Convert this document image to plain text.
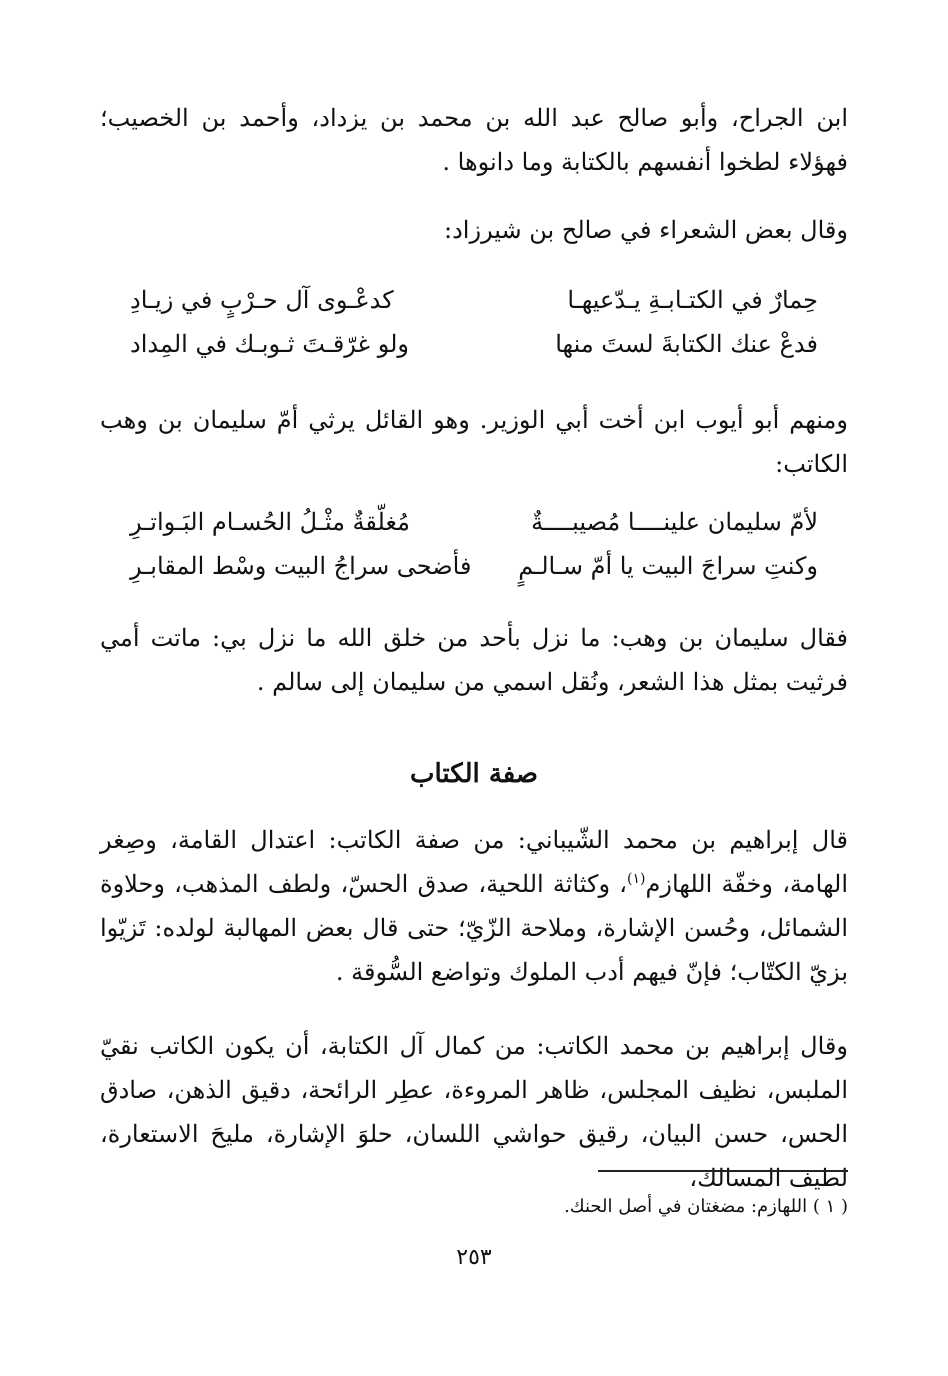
ابن الجراح، وأبو صالح عبد الله بن محمد بن يزداد، وأحمد بن الخصيب؛ فهؤلاء لطخوا أنفسهم بالكتابة وما دانوها .

وقال بعض الشعراء في صالح بن شيرزاد:

حِمارٌ في الكتـابـةِ يـدّعيهـا
كدعْـوى آل حـرْبٍ في زيـادِ
فدعْ عنك الكتابةَ لستَ منها
ولو غرّقـتَ ثـوبـك في المِداد

ومنهم أبو أيوب ابن أخت أبي الوزير. وهو القائل يرثي أمّ سليمان بن وهب الكاتب:

لأمّ سليمان علينــــا مُصيبــــةٌ
مُغلّقةٌ مثْـلُ الحُسـام البَـواتـرِ
وكنتِ سراجَ البيت يا أمّ سـالـمٍ
فأضحى سراجُ البيت وسْط المقابـرِ

فقال سليمان بن وهب: ما نزل بأحد من خلق الله ما نزل بي: ماتت أمي فرثيت بمثل هذا الشعر، ونُقل اسمي من سليمان إلى سالم .

صفة الكتاب

قال إبراهيم بن محمد الشّيباني: من صفة الكاتب: اعتدال القامة، وصِغر الهامة، وخفّة اللهازم$^{(١)}$، وكثاثة اللحية، صدق الحسّ، ولطف المذهب، وحلاوة الشمائل، وحُسن الإشارة، وملاحة الزّيّ؛ حتى قال بعض المهالبة لولده: تَزيّوا بزيّ الكتّاب؛ فإنّ فيهم أدب الملوك وتواضع السُّوقة .

وقال إبراهيم بن محمد الكاتب: من كمال آل الكتابة، أن يكون الكاتب نقيّ الملبس، نظيف المجلس، ظاهر المروءة، عطِر الرائحة، دقيق الذهن، صادق الحس، حسن البيان، رقيق حواشي اللسان، حلوَ الإشارة، مليحَ الاستعارة، لطيف المسالك،

( ١ ) اللهازم: مضغتان في أصل الحنك.

٢٥٣
